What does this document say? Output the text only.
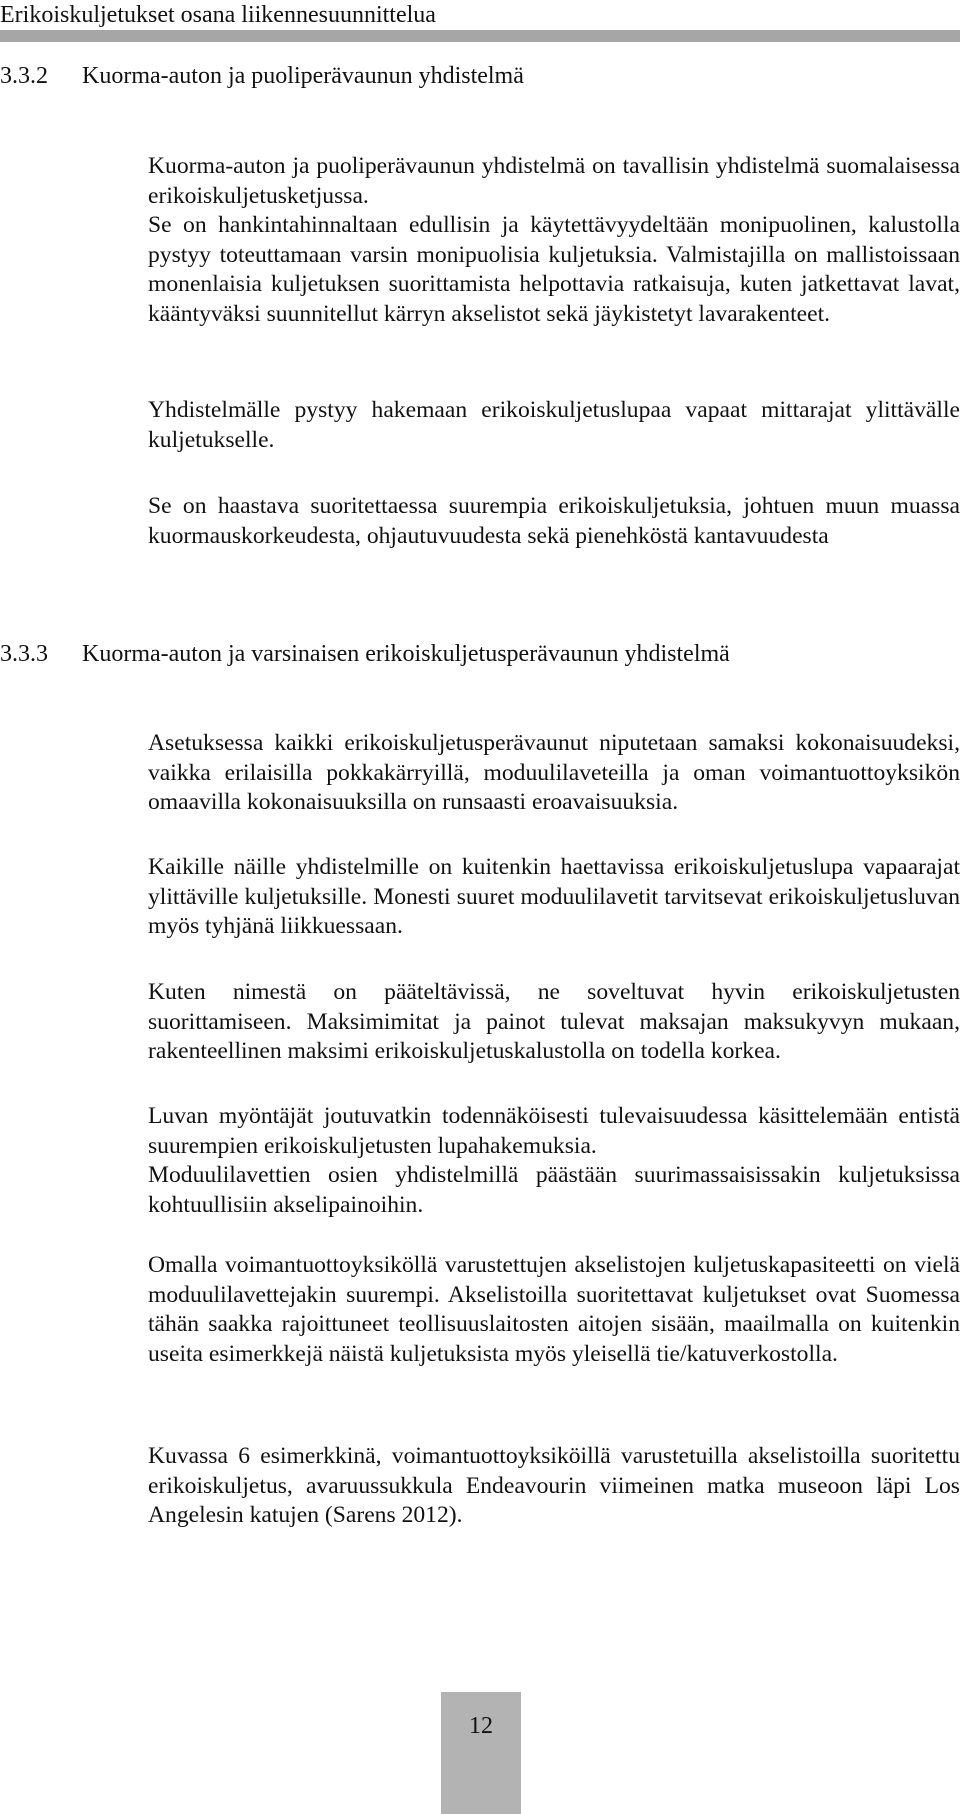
Erikoiskuljetukset osana liikennesuunnittelua
3.3.2 Kuorma-auton ja puoliperävaunun yhdistelmä

Kuorma-auton ja puoliperävaunun yhdistelmä on tavallisin yhdistelmä suomalaisessa erikoiskuljetusketjussa.

Se on hankintahinnaltaan edullisin ja käytettävyydeltään monipuolinen, kalustolla pystyy toteuttamaan varsin monipuolisia kuljetuksia. Valmistajilla on mallistoissaan monenlaisia kuljetuksen suorittamista helpottavia ratkaisuja, kuten jatkettavat lavat, kääntyväksi suunnitellut kärryn akselistot sekä jäykistetyt lavarakenteet.

Yhdistelmälle pystyy hakemaan erikoiskuljetuslupaa vapaat mittarajat ylittävälle kuljetukselle.

Se on haastava suoritettaessa suurempia erikoiskuljetuksia, johtuen muun muassa kuormauskorkeudesta, ohjautuvuudesta sekä pienehköstä kantavuudesta

3.3.3 Kuorma-auton ja varsinaisen erikoiskuljetusperävaunun yhdistelmä

Asetuksessa kaikki erikoiskuljetusperävaunut niputetaan samaksi kokonaisuudeksi, vaikka erilaisilla pokkakärryillä, moduulilaveteilla ja oman voimantuottoyksikön omaavilla kokonaisuuksilla on runsaasti eroavaisuuksia.

Kaikille näille yhdistelmille on kuitenkin haettavissa erikoiskuljetuslupa vapaarajat ylittäville kuljetuksille. Monesti suuret moduulilavetit tarvitsevat erikoiskuljetusluvan myös tyhjänä liikkuessaan.

Kuten nimestä on pääteltävissä, ne soveltuvat hyvin erikoiskuljetusten suorittamiseen. Maksimimitat ja painot tulevat maksajan maksukyvyn mukaan, rakenteellinen maksimi erikoiskuljetuskalustolla on todella korkea.

Luvan myöntäjät joutuvatkin todennäköisesti tulevaisuudessa käsittelemään entistä suurempien erikoiskuljetusten lupahakemuksia.

Moduulilavettien osien yhdistelmillä päästään suurimassaisissakin kuljetuksissa kohtuullisiin akselipainoihin.

Omalla voimantuottoyksiköllä varustettujen akselistojen kuljetuskapasiteetti on vielä moduulilavettejakin suurempi. Akselistoilla suoritettavat kuljetukset ovat Suomessa tähän saakka rajoittuneet teollisuuslaitosten aitojen sisään, maailmalla on kuitenkin useita esimerkkejä näistä kuljetuksista myös yleisellä tie/katuverkostolla.

Kuvassa 6 esimerkkinä, voimantuottoyksiköillä varustetuilla akselistoilla suoritettu erikoiskuljetus, avaruussukkula Endeavourin viimeinen matka museoon läpi Los Angelesin katujen (Sarens 2012).

12
